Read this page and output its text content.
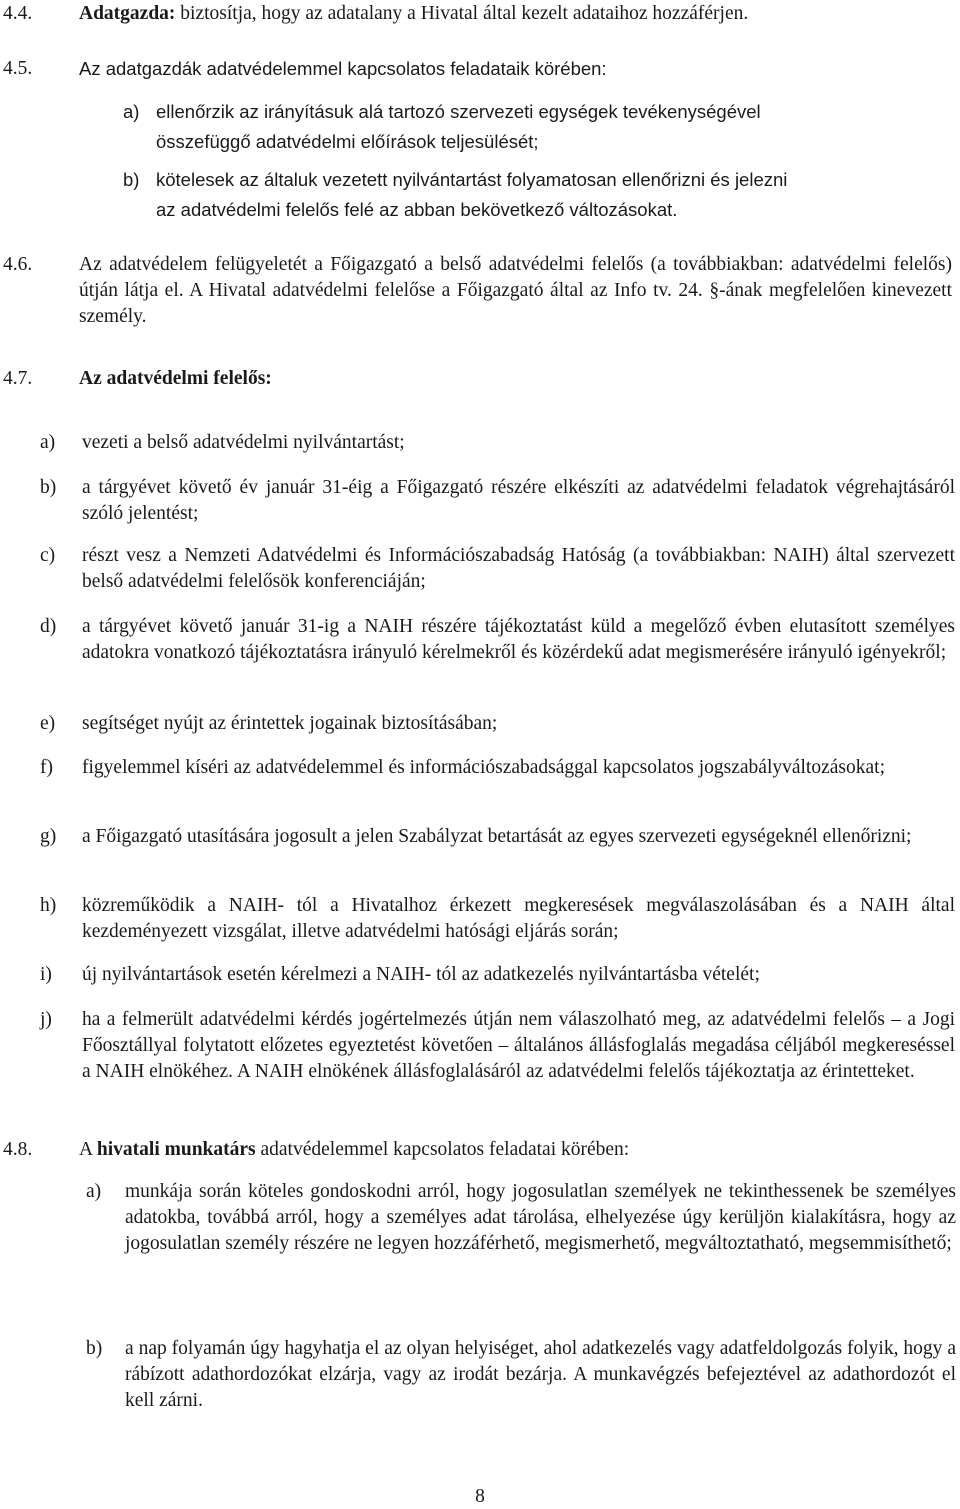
4.4. Adatgazda: biztosítja, hogy az adatalany a Hivatal által kezelt adataihoz hozzáférjen.
4.5.	Az adatgazdák adatvédelemmel kapcsolatos feladataik körében:
a) ellenőrzik az irányításuk alá tartozó szervezeti egységek tevékenységével
összefüggő adatvédelmi előírások teljesülését;
b) kötelesek az általuk vezetett nyilvántartást folyamatosan ellenőrizni és jelezni
az adatvédelmi felelős felé az abban bekövetkező változásokat.
4.6. Az adatvédelem felügyeletét a Főigazgató a belső adatvédelmi felelős (a továbbiakban: adatvédelmi felelős) útján látja el. A Hivatal adatvédelmi felelőse a Főigazgató által az Info tv. 24. §-ának megfelelően kinevezett személy.
4.7. Az adatvédelmi felelős:
a) vezeti a belső adatvédelmi nyilvántartást;
b) a tárgyévet követő év január 31-éig a Főigazgató részére elkészíti az adatvédelmi feladatok végrehajtásáról szóló jelentést;
c) részt vesz a Nemzeti Adatvédelmi és Információszabadság Hatóság (a továbbiakban: NAIH) által szervezett belső adatvédelmi felelősök konferenciáján;
d) a tárgyévet követő január 31-ig a NAIH részére tájékoztatást küld a megelőző évben elutasított személyes adatokra vonatkozó tájékoztatásra irányuló kérelmekről és közérdekű adat megismerésére irányuló igényekről;
e) segítséget nyújt az érintettek jogainak biztosításában;
f) figyelemmel kíséri az adatvédelemmel és információszabadsággal kapcsolatos jogszabályváltozásokat;
g) a Főigazgató utasítására jogosult a jelen Szabályzat betartását az egyes szervezeti egységeknél ellenőrizni;
h) közreműködik a NAIH- tól a Hivatalhoz érkezett megkeresések megválaszolásában és a NAIH által kezdeményezett vizsgálat, illetve adatvédelmi hatósági eljárás során;
i) új nyilvántartások esetén kérelmezi a NAIH- tól az adatkezelés nyilvántartásba vételét;
j) ha a felmerült adatvédelmi kérdés jogértelmezés útján nem válaszolható meg, az adatvédelmi felelős – a Jogi Főosztállyal folytatott előzetes egyeztetést követően – általános állásfoglalás megadása céljából megkereséssel a NAIH elnökéhez. A NAIH elnökének állásfoglalásáról az adatvédelmi felelős tájékoztatja az érintetteket.
4.8. A hivatali munkatárs adatvédelemmel kapcsolatos feladatai körében:
a) munkája során köteles gondoskodni arról, hogy jogosulatlan személyek ne tekinthessenek be személyes adatokba, továbbá arról, hogy a személyes adat tárolása, elhelyezése úgy kerüljön kialakításra, hogy az jogosulatlan személy részére ne legyen hozzáférhető, megismerhető, megváltoztatható, megsemmisíthető;
b) a nap folyamán úgy hagyhatja el az olyan helyiséget, ahol adatkezelés vagy adatfeldolgozás folyik, hogy a rábízott adathordozókat elzárja, vagy az irodát bezárja. A munkavégzés befejeztével az adathordozót el kell zárni.
8
